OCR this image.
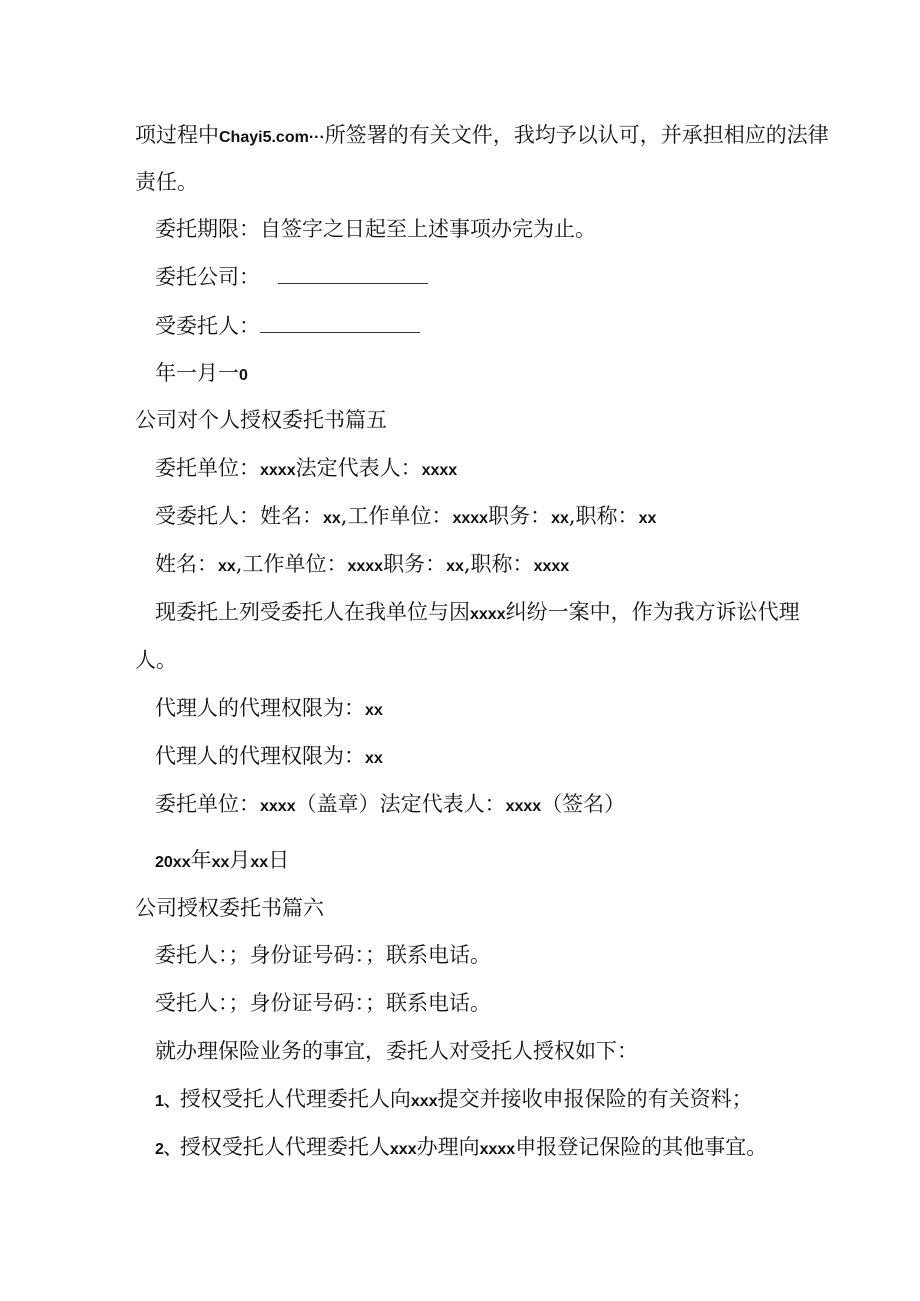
项过程中Chayi5.com···所签署的有关文件，我均予以认可，并承担相应的法律
责任。
委托期限：自签字之日起至上述事项办完为止。
委托公司：
受委托人：
年一月一0
公司对个人授权委托书篇五
委托单位：xxxx法定代表人：xxxx
受委托人：姓名：xx,工作单位：xxxx职务：xx,职称：xx
姓名：xx,工作单位：xxxx职务：xx,职称：xxxx
现委托上列受委托人在我单位与因xxxx纠纷一案中，作为我方诉讼代理
人。
代理人的代理权限为：xx
代理人的代理权限为：xx
委托单位：xxxx（盖章）法定代表人：xxxx（签名）
20xx年xx月xx日
公司授权委托书篇六
委托人：；身份证号码：；联系电话。
受托人：；身份证号码：；联系电话。
就办理保险业务的事宜，委托人对受托人授权如下：
1、授权受托人代理委托人向xxx提交并接收申报保险的有关资料；
2、授权受托人代理委托人xxx办理向xxxx申报登记保险的其他事宜。
